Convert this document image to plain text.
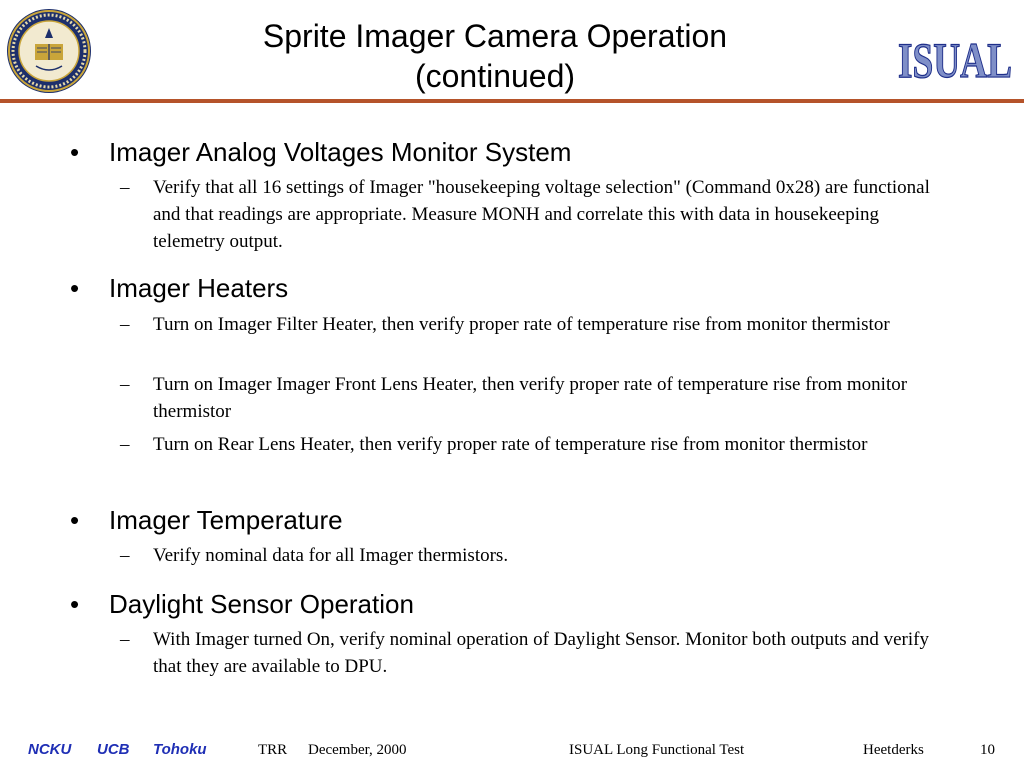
ISUAL
Sprite Imager Camera Operation
(continued)
• Imager Analog Voltages Monitor System
– Verify that all 16 settings of Imager "housekeeping voltage selection" (Command 0x28) are functional and that readings are appropriate. Measure MONH and correlate this with data in housekeeping telemetry output.
• Imager Heaters
– Turn on Imager Filter Heater, then verify proper rate of temperature rise from monitor thermistor
– Turn on Imager Imager Front Lens Heater, then verify proper rate of temperature rise from monitor thermistor
– Turn on Rear Lens Heater, then verify proper rate of temperature rise from monitor thermistor
• Imager Temperature
– Verify nominal data for all Imager thermistors.
• Daylight Sensor Operation
– With Imager turned On, verify nominal operation of Daylight Sensor. Monitor both outputs and verify that they are available to DPU.
NCKU UCB Tohoku	TRR December, 2000	ISUAL Long Functional Test	Heetderks	10
